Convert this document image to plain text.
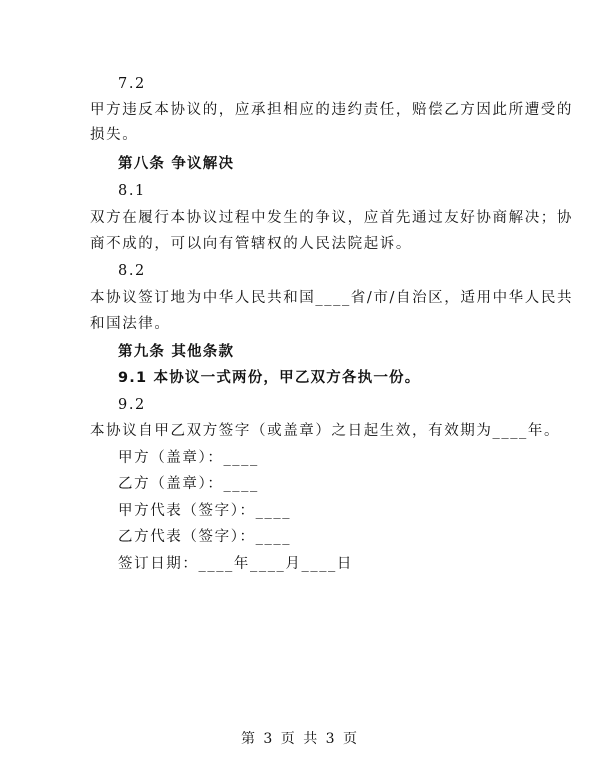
7.2
甲方违反本协议的，应承担相应的违约责任，赔偿乙方因此所遭受的
损失。
第八条 争议解决
8.1
双方在履行本协议过程中发生的争议，应首先通过友好协商解决；协
商不成的，可以向有管辖权的人民法院起诉。
8.2
本协议签订地为中华人民共和国____省/市/自治区，适用中华人民共
和国法律。
第九条 其他条款
9.1 本协议一式两份，甲乙双方各执一份。
9.2
本协议自甲乙双方签字（或盖章）之日起生效，有效期为____年。
甲方（盖章）：____
乙方（盖章）：____
甲方代表（签字）：____
乙方代表（签字）：____
签订日期：____年____月____日
第 3 页 共 3 页
